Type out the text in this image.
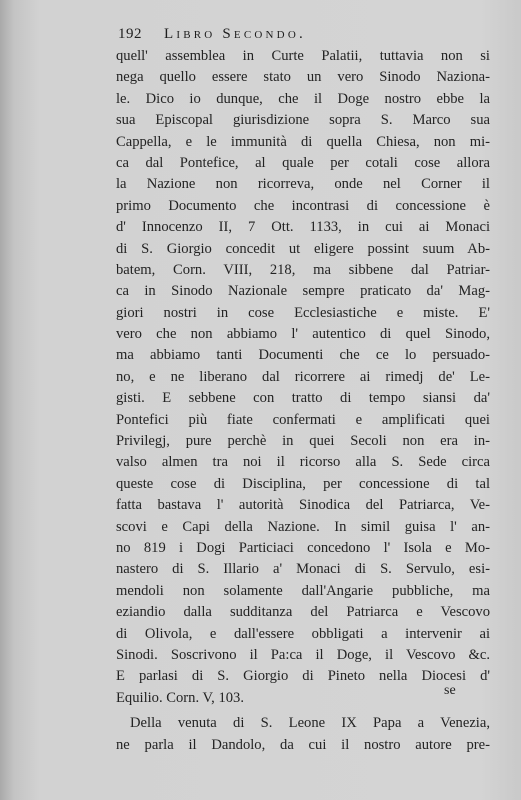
192 Libro Secondo.
quell' assemblea in Curte Palatii, tuttavia non si
nega quello essere stato un vero Sinodo Naziona-
le. Dico io dunque, che il Doge nostro ebbe la
sua Episcopal giurisdizione sopra S. Marco sua
Cappella, e le immunità di quella Chiesa, non mi-
ca dal Pontefice, al quale per cotali cose allora
la Nazione non ricorreva, onde nel Corner il
primo Documento che incontrasi di concessione è
d' Innocenzo II, 7 Ott. 1133, in cui ai Monaci
di S. Giorgio concedit ut eligere possint suum Ab-
batem, Corn. VIII, 218, ma sibbene dal Patriar-
ca in Sinodo Nazionale sempre praticato da' Mag-
giori nostri in cose Ecclesiastiche e miste. E'
vero che non abbiamo l' autentico di quel Sinodo,
ma abbiamo tanti Documenti che ce lo persuado-
no, e ne liberano dal ricorrere ai rimedj de' Le-
gisti. E sebbene con tratto di tempo siansi da'
Pontefici più fiate confermati e amplificati quei
Privilegj, pure perchè in quei Secoli non era in-
valso almen tra noi il ricorso alla S. Sede circa
queste cose di Disciplina, per concessione di tal
fatta bastava l' autorità Sinodica del Patriarca, Ve-
scovi e Capi della Nazione. In simil guisa l' an-
no 819 i Dogi Particiaci concedono l' Isola e Mo-
nastero di S. Illario a' Monaci di S. Servulo, esi-
mendoli non solamente dall'Angarie pubbliche, ma
eziandio dalla sudditanza del Patriarca e Vescovo
di Olivola, e dall'essere obbligati a intervenir ai
Sinodi. Soscrivono il Pa:ca il Doge, il Vescovo &c.
E parlasi di S. Giorgio di Pineto nella Diocesi d'
Equilio. Corn. V, 103.
Della venuta di S. Leone IX Papa a Venezia,
ne parla il Dandolo, da cui il nostro autore pre-
se
